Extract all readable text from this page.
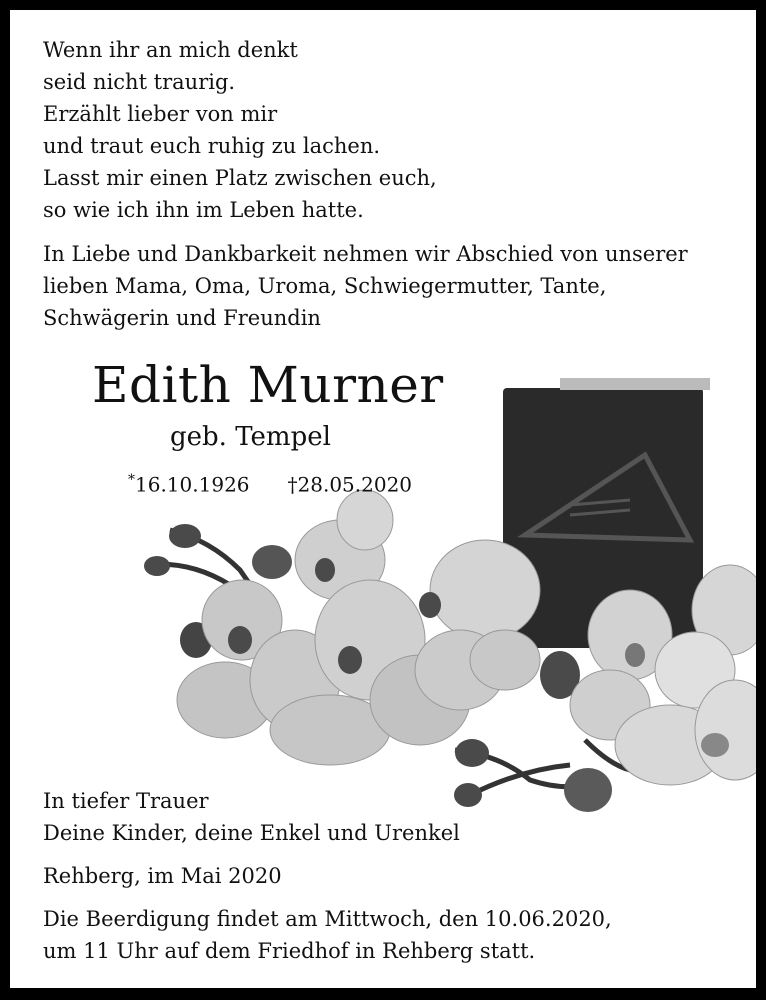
Wenn ihr an mich denkt
seid nicht traurig.
Erzählt lieber von mir
und traut euch ruhig zu lachen.
Lasst mir einen Platz zwischen euch,
so wie ich ihn im Leben hatte.
In Liebe und Dankbarkeit nehmen wir Abschied von unserer
lieben Mama, Oma, Uroma, Schwiegermutter, Tante,
Schwägerin und Freundin
Edith Murner
geb. Tempel
*16.10.1926 †28.05.2020
In tiefer Trauer
Deine Kinder, deine Enkel und Urenkel
Rehberg, im Mai 2020
Die Beerdigung findet am Mittwoch, den 10.06.2020,
um 11 Uhr auf dem Friedhof in Rehberg statt.
